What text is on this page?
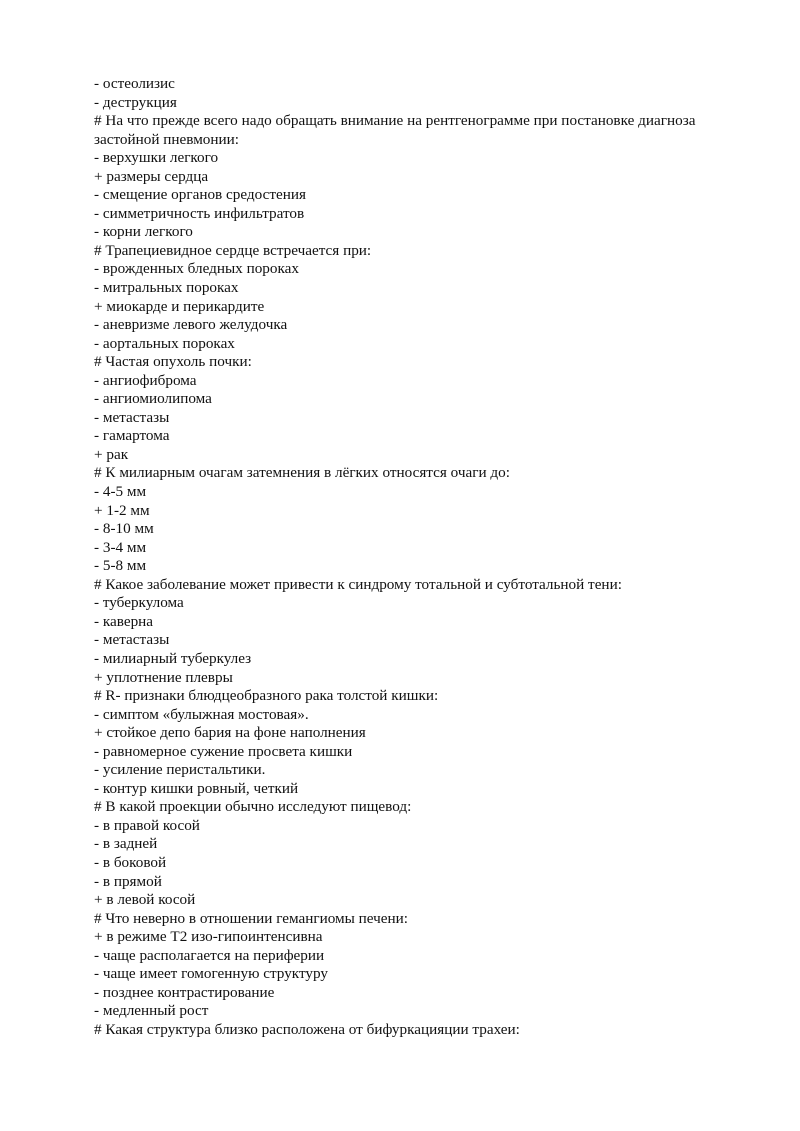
- остеолизис
- деструкция
# На что прежде всего надо обращать внимание на рентгенограмме при постановке диагноза застойной пневмонии:
- верхушки легкого
+ размеры сердца
- смещение органов средостения
- симметричность инфильтратов
- корни легкого
# Трапециевидное сердце встречается при:
- врожденных бледных пороках
- митральных пороках
+ миокарде и перикардите
- аневризме левого желудочка
- аортальных пороках
# Частая опухоль почки:
- ангиофиброма
- ангиомиолипома
- метастазы
- гамартома
+ рак
# К милиарным очагам затемнения в лёгких относятся очаги до:
- 4-5 мм
+ 1-2 мм
- 8-10 мм
- 3-4 мм
- 5-8 мм
# Какое заболевание может привести к синдрому тотальной и субтотальной тени:
- туберкулома
- каверна
- метастазы
- милиарный туберкулез
+ уплотнение плевры
# R- признаки блюдцеобразного рака толстой кишки:
- симптом «булыжная мостовая».
+ стойкое депо бария на фоне наполнения
- равномерное сужение просвета кишки
- усиление перистальтики.
- контур кишки ровный, четкий
# В какой проекции обычно исследуют пищевод:
- в правой косой
- в задней
- в боковой
- в прямой
+ в левой косой
# Что неверно в отношении гемангиомы печени:
+ в режиме Т2 изо-гипоинтенсивна
- чаще располагается на периферии
- чаще имеет гомогенную структуру
- позднее контрастирование
- медленный рост
# Какая структура близко расположена от бифуркацияции трахеи:
